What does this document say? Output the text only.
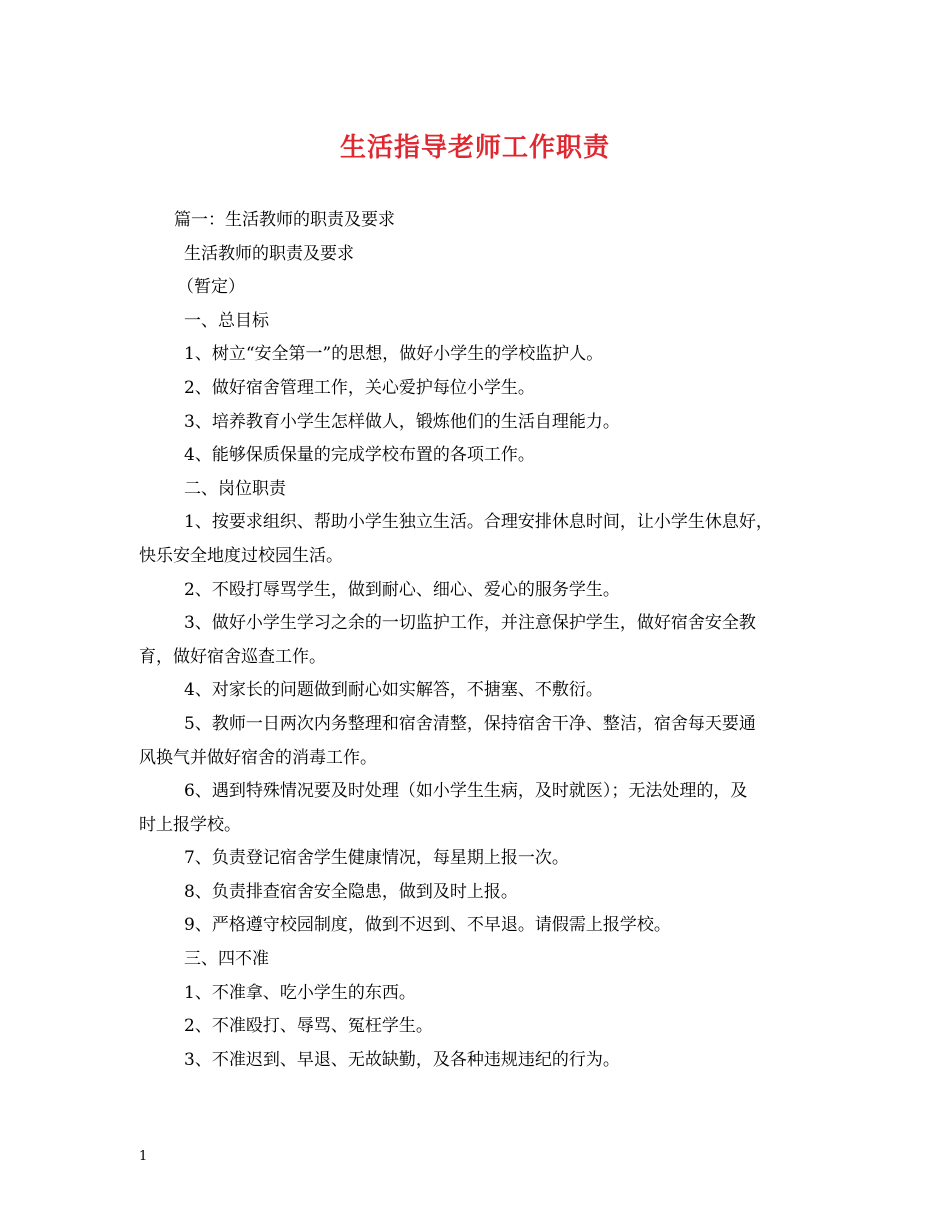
生活指导老师工作职责
篇一：生活教师的职责及要求
生活教师的职责及要求
（暂定）
一、总目标
1、树立“安全第一”的思想，做好小学生的学校监护人。
2、做好宿舍管理工作，关心爱护每位小学生。
3、培养教育小学生怎样做人，锻炼他们的生活自理能力。
4、能够保质保量的完成学校布置的各项工作。
二、岗位职责
1、按要求组织、帮助小学生独立生活。合理安排休息时间，让小学生休息好，
快乐安全地度过校园生活。
2、不殴打辱骂学生，做到耐心、细心、爱心的服务学生。
3、做好小学生学习之余的一切监护工作，并注意保护学生，做好宿舍安全教
育，做好宿舍巡查工作。
4、对家长的问题做到耐心如实解答，不搪塞、不敷衍。
5、教师一日两次内务整理和宿舍清整，保持宿舍干净、整洁，宿舍每天要通
风换气并做好宿舍的消毒工作。
6、遇到特殊情况要及时处理（如小学生生病，及时就医）；无法处理的，及
时上报学校。
7、负责登记宿舍学生健康情况，每星期上报一次。
8、负责排查宿舍安全隐患，做到及时上报。
9、严格遵守校园制度，做到不迟到、不早退。请假需上报学校。
三、四不准
1、不准拿、吃小学生的东西。
2、不准殴打、辱骂、冤枉学生。
3、不准迟到、早退、无故缺勤，及各种违规违纪的行为。
1
